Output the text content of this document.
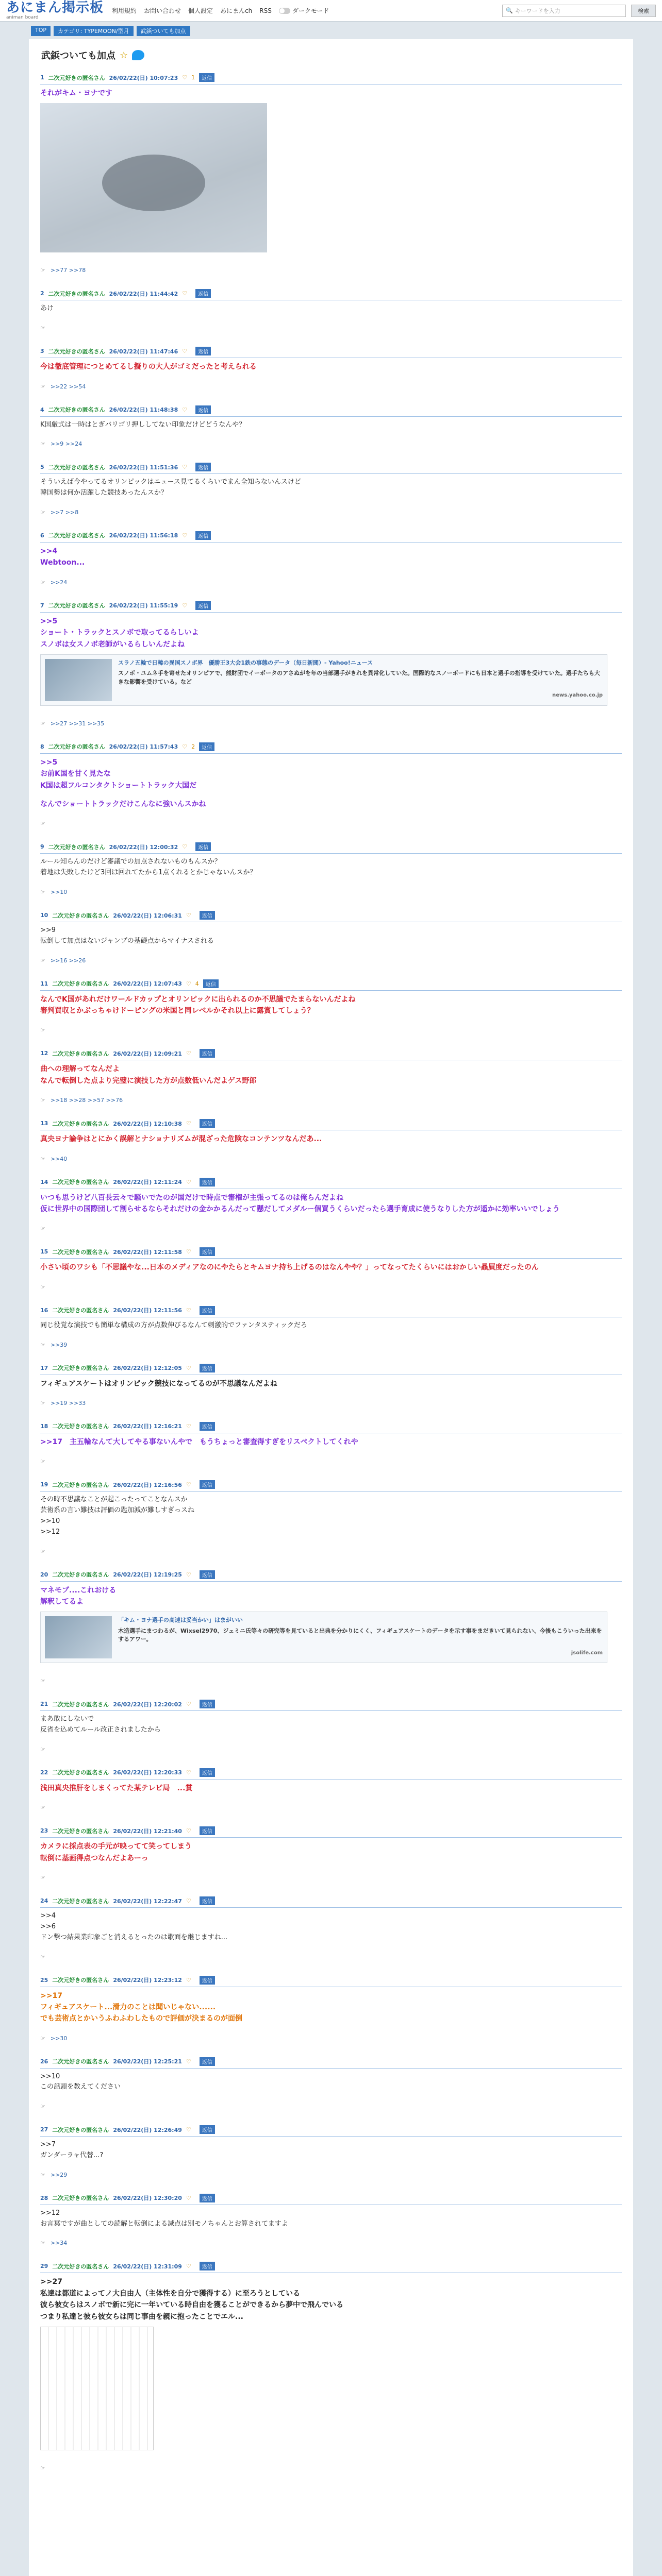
あにまん掲示板
animan board
利用規約 お問い合わせ 個人設定 あにまんch RSS	ダークモード	🔍 キーワードを入力	検索
TOP	カテゴリ: TYPEMOON/型月	武鋲ついても加点
武鋲ついても加点 ☆
1 二次元好きの匿名さん 26/02/22(日) 10:07:23 ♡ 1	返信
それがキム・ヨナです
☞ >>77 >>78
2 二次元好きの匿名さん 26/02/22(日) 11:44:42 ♡	返信
あけ
☞
3 二次元好きの匿名さん 26/02/22(日) 11:47:46 ♡	返信
今は徹底管理につとめてるし擬りの大人がゴミだったと考えられる
☞ >>22 >>54
4 二次元好きの匿名さん 26/02/22(日) 11:48:38 ♡	返信
K国厳式は一時はとぎバリゴリ押ししてない印象だけどどうなんや？
☞ >>9 >>24
5 二次元好きの匿名さん 26/02/22(日) 11:51:36 ♡	返信
そういえば今やってるオリンピックはニュース見てるくらいでまん全知らないんスけど
韓国勢は何か活躍した競技あったんスか？
☞ >>7 >>8
6 二次元好きの匿名さん 26/02/22(日) 11:56:18 ♡	返信
>>4
Webtoon...
☞ >>24
7 二次元好きの匿名さん 26/02/22(日) 11:55:19 ♡	返信
>>5
ショート・トラックとスノボで取ってるらしいよ
スノボは女スノボ老師がいるらしいんだよね
スラノ五輪で日韓の異国スノボ界　優勝王3大会1鉄の事態のデータ（毎日新聞）- Yahoo!ニュース
スノボ・ユムネ手を寄せたオリンピアで、熊財団でイーポータのアさぬがを年の当部選手がきれを異常化していた。国際的なスノーボードにも日本と選手の指導を受けていた。選手たちも大きな影響を受けている。など
news.yahoo.co.jp
☞ >>27 >>31 >>35
8 二次元好きの匿名さん 26/02/22(日) 11:57:43 ♡ 2	返信
>>5
お前K国を甘く見たな
K国は超フルコンタクトショートトラック大国だ
なんでショートトラックだけこんなに強いんスかね
☞
9 二次元好きの匿名さん 26/02/22(日) 12:00:32 ♡	返信
ルール知らんのだけど審議での加点されないものもんスか？
着地は失敗したけど3回は回れてたから1点くれるとかじゃないんスか？
☞ >>10
10 二次元好きの匿名さん 26/02/22(日) 12:06:31 ♡	返信
>>9
転倒して加点はないジャンプの基礎点からマイナスされる
☞ >>16 >>26
11 二次元好きの匿名さん 26/02/22(日) 12:07:43 ♡ 4	返信
なんでK国があれだけワールドカップとオリンピックに出られるのか不思議でたまらないんだよね
審判買収とかぶっちゃけドーピングの米国と同レベルかそれ以上に露賞してしょう？
☞
12 二次元好きの匿名さん 26/02/22(日) 12:09:21 ♡	返信
曲への理解ってなんだよ
なんで転倒した点より完璧に演技した方が点数低いんだよゲス野郎
☞ >>18 >>28 >>57 >>76
13 二次元好きの匿名さん 26/02/22(日) 12:10:38 ♡	返信
真央ヨナ論争はとにかく誤解とナショナリズムが混ざった危険なコンテンツなんだあ...
☞ >>40
14 二次元好きの匿名さん 26/02/22(日) 12:11:24 ♡	返信
いつも思うけど八百長云々で騒いでたのが国だけで時点で審権が主張ってるのは俺らんだよね
仮に世界中の国際団して割らせるならそれだけの金かかるんだって懸だしてメダルー個買うくらいだったら選手育成に使うなりした方が遥かに効率いいでしょう
☞
15 二次元好きの匿名さん 26/02/22(日) 12:11:58 ♡	返信
小さい頃のワシも「不思議やな...日本のメディアなのにやたらとキムヨナ持ち上げるのはなんやや？」ってなってたくらいにはおかしい贔屓度だったのん
☞
16 二次元好きの匿名さん 26/02/22(日) 12:11:56 ♡	返信
同じ役覚な演技でも簡単な構成の方が点数伸びるなんて刺激的でファンタスティックだろ
☞ >>39
17 二次元好きの匿名さん 26/02/22(日) 12:12:05 ♡	返信
フィギュアスケートはオリンピック競技になってるのが不思議なんだよね
☞ >>19 >>33
18 二次元好きの匿名さん 26/02/22(日) 12:16:21 ♡	返信
>>17　主五輪なんて大してやる事ないんやで　もうちょっと審査得すぎをリスペクトしてくれや
☞
19 二次元好きの匿名さん 26/02/22(日) 12:16:56 ♡	返信
その時不思議なことが起こったってことなんスか
芸術系の言い難技は評価の匙加減が難しすぎっスね
>>10
>>12
☞
20 二次元好きの匿名さん 26/02/22(日) 12:19:25 ♡	返信
マネモブ....これおける
解釈してるよ
「キム・ヨナ選手の高速は妥当かい」はまがいい
木造選手にまつわるが、Wixsel2970、ジェミニ氏等々の研究等を見ていると出典を分かりにくく、フィギュアスケートのデータを示す事をまだきいて見られない、今後もこういった出來をするアワー。
jsolife.com
☞
21 二次元好きの匿名さん 26/02/22(日) 12:20:02 ♡	返信
まあ敢にしないで
反省を込めてルール改正されましたから
☞
22 二次元好きの匿名さん 26/02/22(日) 12:20:33 ♡	返信
浅田真央推肝をしまくってた某テレビ局　...賞
☞
23 二次元好きの匿名さん 26/02/22(日) 12:21:40 ♡	返信
カメラに採点表の手元が映ってて笑ってしまう
転倒に基画得点つなんだよあーっ
☞
24 二次元好きの匿名さん 26/02/22(日) 12:22:47 ♡	返信
>>4
>>6
ドン撃つ結果業印象ごと消えるとったのは歌面を継じますね...
☞
25 二次元好きの匿名さん 26/02/22(日) 12:23:12 ♡	返信
>>17
フィギュアスケート...滑力のことは聞いじゃない......
でも芸術点とかいうふわふわしたもので評価が決まるのが面倒
☞ >>30
26 二次元好きの匿名さん 26/02/22(日) 12:25:21 ♡	返信
>>10
この話頭を教えてください
☞
27 二次元好きの匿名さん 26/02/22(日) 12:26:49 ♡	返信
>>7
ガンダーラャ代替...?
☞ >>29
28 二次元好きの匿名さん 26/02/22(日) 12:30:20 ♡	返信
>>12
お言葉ですが曲としての読解と転倒による減点は別モノちゃんとお算されてますよ
☞ >>34
29 二次元好きの匿名さん 26/02/22(日) 12:31:09 ♡	返信
>>27
私達は都道によってノ大自由人（主体性を自分で獲得する）に至ろうとしている
彼ら彼女らはスノボで新に完に一年いている時自由を獲ることができるから夢中で飛んでいる
つまり私達と彼ら彼女らは同じ事由を親に抱ったことでエル...
☞
